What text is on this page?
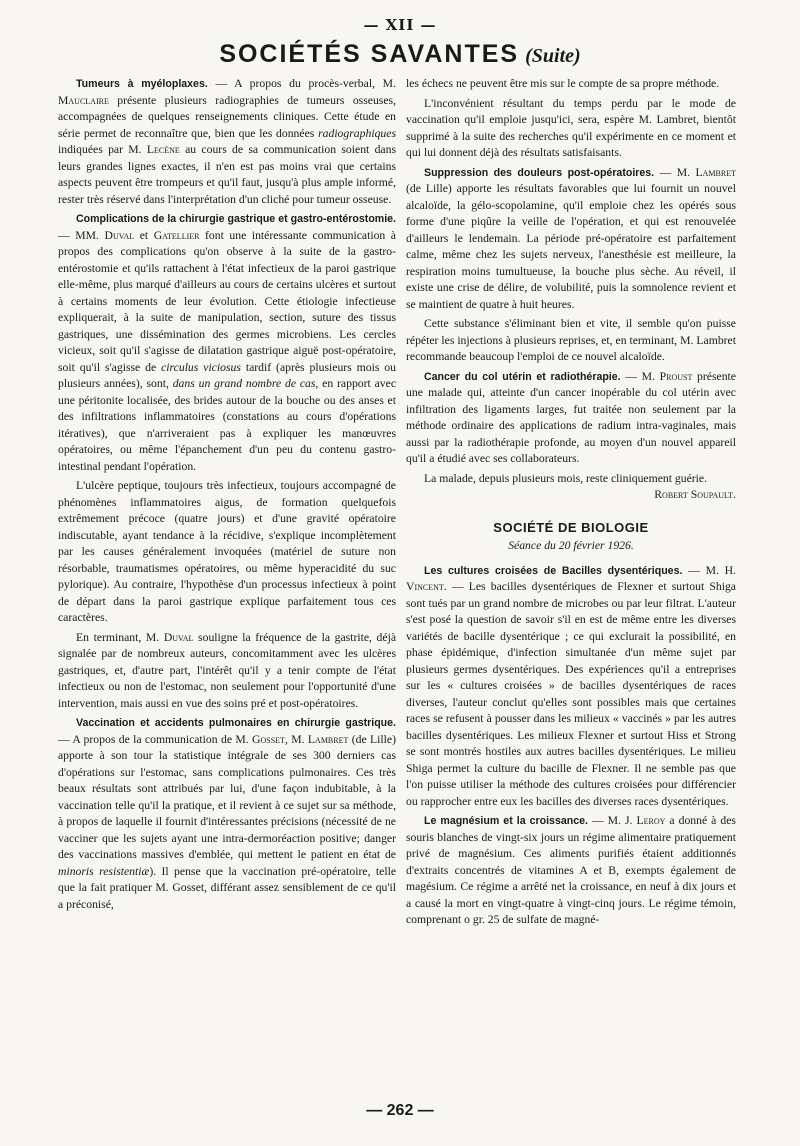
— XII —
SOCIÉTÉS SAVANTES (Suite)

Tumeurs à myéloplaxes. — A propos du procès-verbal, M. Mauclaire présente plusieurs radiographies de tumeurs osseuses, accompagnées de quelques renseignements cliniques. Cette étude en série permet de reconnaître que, bien que les données radiographiques indiquées par M. Lecène au cours de sa communication soient dans leurs grandes lignes exactes, il n'en est pas moins vrai que certains aspects peuvent être trompeurs et qu'il faut, jusqu'à plus ample informé, rester très réservé dans l'interprétation d'un cliché pour tumeur osseuse.

Complications de la chirurgie gastrique et gastro-entérostomie. — MM. Duval et Gatellier font une intéressante communication à propos des complications qu'on observe à la suite de la gastro-entérostomie et qu'ils rattachent à l'état infectieux de la paroi gastrique elle-même, plus marqué d'ailleurs au cours de certains ulcères et surtout à certains moments de leur évolution. Cette étiologie infectieuse expliquerait, à la suite de manipulation, section, suture des tissus gastriques, une dissémination des germes microbiens. Les cercles vicieux, soit qu'il s'agisse de dilatation gastrique aiguë post-opératoire, soit qu'il s'agisse de circulus viciosus tardif (après plusieurs mois ou plusieurs années), sont, dans un grand nombre de cas, en rapport avec une péritonite localisée, des brides autour de la bouche ou des anses et des infiltrations inflammatoires (constations au cours d'opérations itératives), que n'arriveraient pas à expliquer les manœuvres opératoires, ou même l'épanchement d'un peu du contenu gastro-intestinal pendant l'opération.

L'ulcère peptique, toujours très infectieux, toujours accompagné de phénomènes inflammatoires aigus, de formation quelquefois extrêmement précoce (quatre jours) et d'une gravité opératoire indiscutable, ayant tendance à la récidive, s'explique incomplètement par les causes généralement invoquées (matériel de suture non résorbable, traumatismes opératoires, ou même hyperacidité du suc pylorique). Au contraire, l'hypothèse d'un processus infectieux à point de départ dans la paroi gastrique explique parfaitement tous ces caractères.

En terminant, M. Duval souligne la fréquence de la gastrite, déjà signalée par de nombreux auteurs, concomitamment avec les ulcères gastriques, et, d'autre part, l'intérêt qu'il y a tenir compte de l'état infectieux ou non de l'estomac, non seulement pour l'opportunité d'une intervention, mais aussi en vue des soins pré et post-opératoires.

Vaccination et accidents pulmonaires en chirurgie gastrique. — A propos de la communication de M. Gosset, M. Lambret (de Lille) apporte à son tour la statistique intégrale de ses 300 derniers cas d'opérations sur l'estomac, sans complications pulmonaires. Ces très beaux résultats sont attribués par lui, d'une façon indubitable, à la vaccination telle qu'il la pratique, et il revient à ce sujet sur sa méthode, à propos de laquelle il fournit d'intéressantes précisions (nécessité de ne vacciner que les sujets ayant une intra-dermoréaction positive; danger des vaccinations massives d'emblée, qui mettent le patient en état de minoris resistentiæ). Il pense que la vaccination pré-opératoire, telle que la fait pratiquer M. Gosset, différant assez sensiblement de ce qu'il a préconisé,

les échecs ne peuvent être mis sur le compte de sa propre méthode.

L'inconvénient résultant du temps perdu par le mode de vaccination qu'il emploie jusqu'ici, sera, espère M. Lambret, bientôt supprimé à la suite des recherches qu'il expérimente en ce moment et qui lui donnent déjà des résultats satisfaisants.

Suppression des douleurs post-opératoires. — M. Lambret (de Lille) apporte les résultats favorables que lui fournit un nouvel alcaloïde, la gélo-scopolamine, qu'il emploie chez les opérés sous forme d'une piqûre la veille de l'opération, et qui est renouvelée d'ailleurs le lendemain. La période pré-opératoire est parfaitement calme, même chez les sujets nerveux, l'anesthésie est meilleure, la respiration moins tumultueuse, la bouche plus sèche. Au réveil, il existe une crise de délire, de volubilité, puis la somnolence revient et se maintient de quatre à huit heures.

Cette substance s'éliminant bien et vite, il semble qu'on puisse répéter les injections à plusieurs reprises, et, en terminant, M. Lambret recommande beaucoup l'emploi de ce nouvel alcaloïde.

Cancer du col utérin et radiothérapie. — M. Proust présente une malade qui, atteinte d'un cancer inopérable du col utérin avec infiltration des ligaments larges, fut traitée non seulement par la méthode ordinaire des applications de radium intra-vaginales, mais aussi par la radiothérapie profonde, au moyen d'un nouvel appareil qu'il a étudié avec ses collaborateurs.

La malade, depuis plusieurs mois, reste cliniquement guérie.
Robert Soupault.

SOCIÉTÉ DE BIOLOGIE
Séance du 20 février 1926.

Les cultures croisées de Bacilles dysentériques. — M. H. Vincent. — Les bacilles dysentériques de Flexner et surtout Shiga sont tués par un grand nombre de microbes ou par leur filtrat. L'auteur s'est posé la question de savoir s'il en est de même entre les diverses variétés de bacille dysentérique ; ce qui exclurait la possibilité, en phase épidémique, d'infection simultanée d'un même sujet par plusieurs germes dysentériques. Des expériences qu'il a entreprises sur les « cultures croisées » de bacilles dysentériques de races diverses, l'auteur conclut qu'elles sont possibles mais que certaines races se refusent à pousser dans les milieux « vaccinés » par les autres bacilles dysentériques. Les milieux Flexner et surtout Hiss et Strong se sont montrés hostiles aux autres bacilles dysentériques. Le milieu Shiga permet la culture du bacille de Flexner. Il ne semble pas que l'on puisse utiliser la méthode des cultures croisées pour différencier ou rapprocher entre eux les bacilles des diverses races dysentériques.

Le magnésium et la croissance. — M. J. Leroy a donné à des souris blanches de vingt-six jours un régime alimentaire pratiquement privé de magnésium. Ces aliments purifiés étaient additionnés d'extraits concentrés de vitamines A et B, exempts également de magésium. Ce régime a arrêté net la croissance, en neuf à dix jours et a causé la mort en vingt-quatre à vingt-cinq jours. Le régime témoin, comprenant o gr. 25 de sulfate de magné-

— 262 —
